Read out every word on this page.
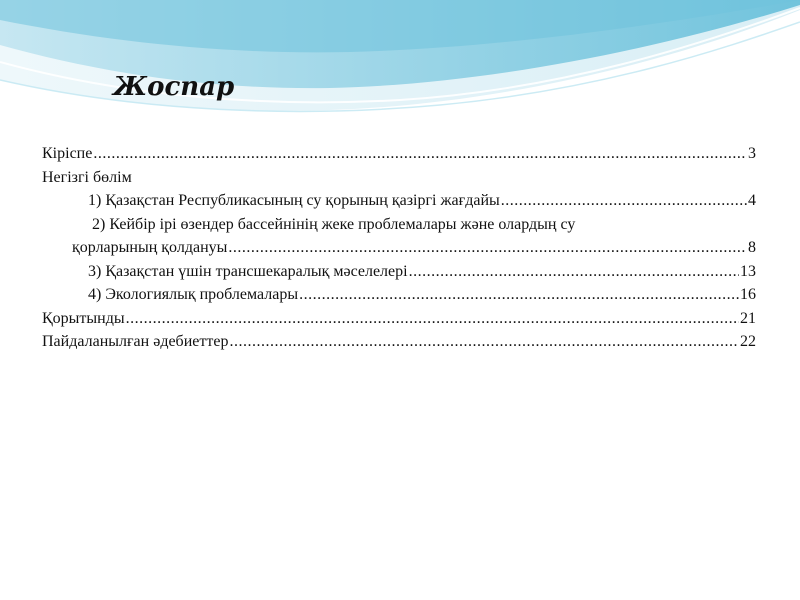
Жоспар
Кіріспе .....	3
Негізгі бөлім
1) Қазақстан Республикасының су қорының қазіргі жағдайы .....	4
2) Кейбір ірі өзендер бассейнінің жеке проблемалары және олардың су
қорларының қолдануы .....	8
3) Қазақстан үшін трансшекаралық мәселелері .....	13
4) Экологиялық проблемалары .....	16
Қорытынды .....	21
Пайдаланылған әдебиеттер .....	22
